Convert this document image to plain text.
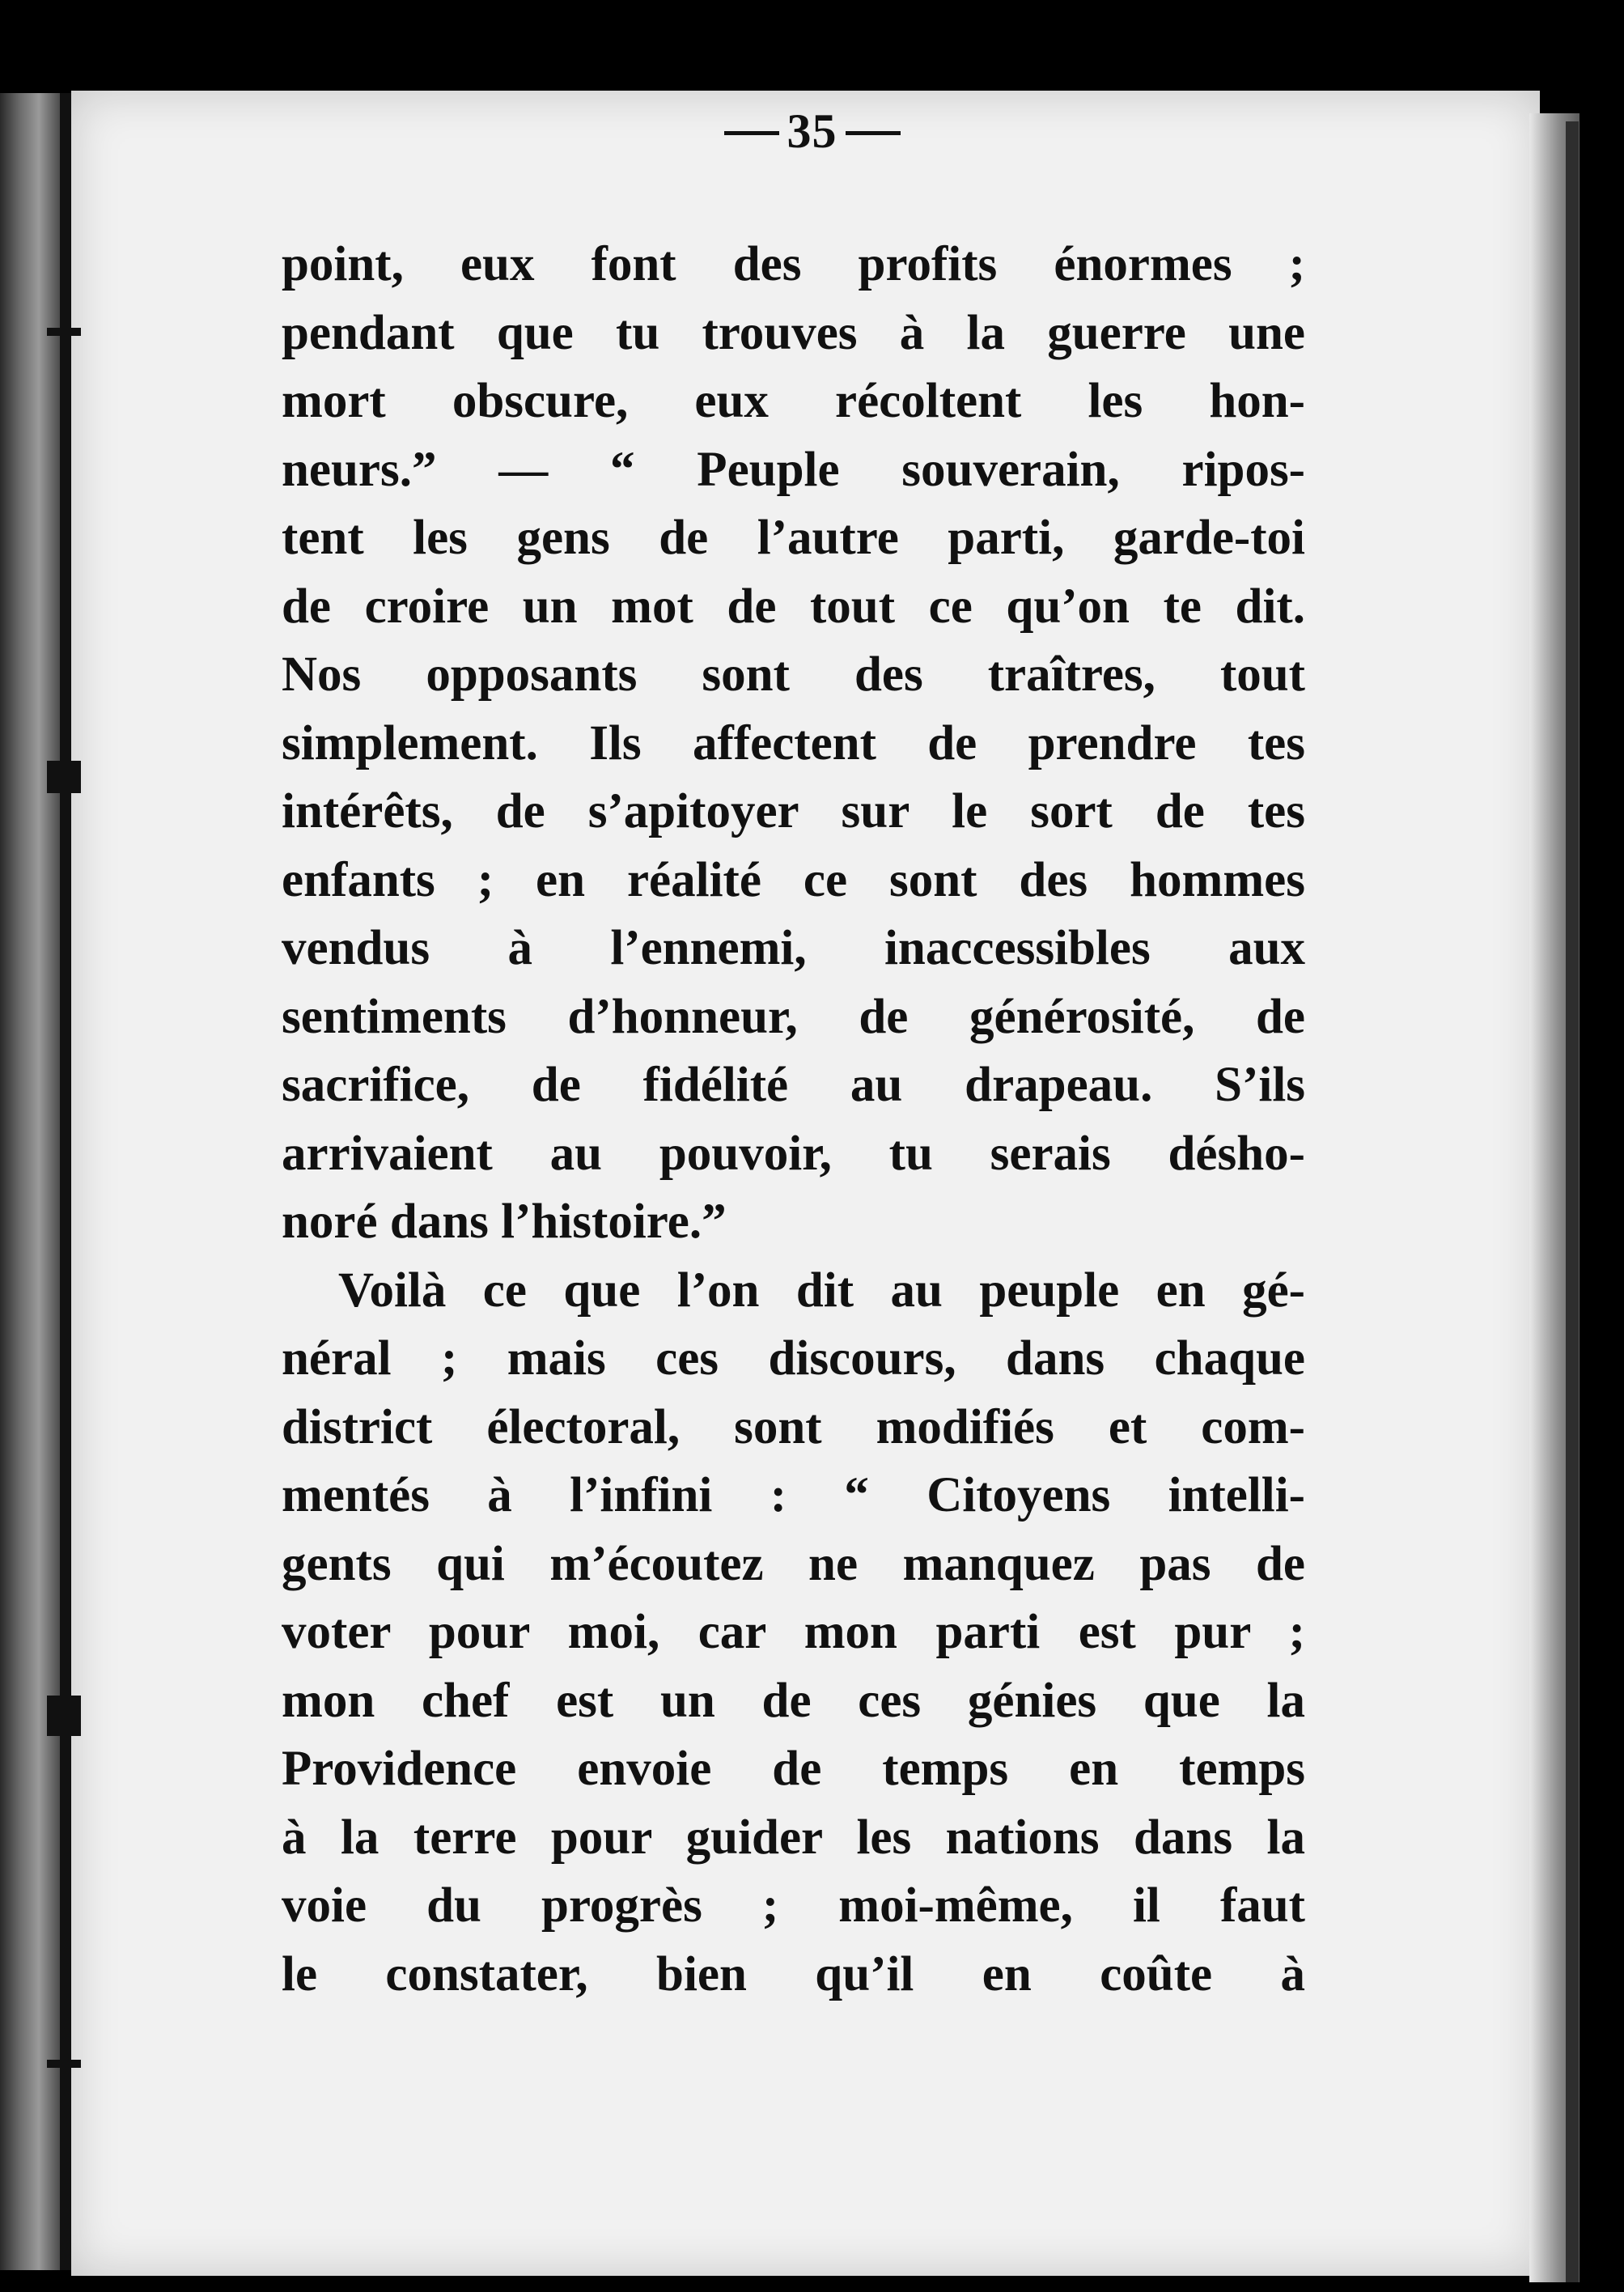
35
point, eux font des profits énormes ;
pendant que tu trouves à la guerre une
mort obscure, eux récoltent les hon-
neurs.” — “ Peuple souverain, ripos-
tent les gens de l’autre parti, garde-toi
de croire un mot de tout ce qu’on te dit.
Nos opposants sont des traîtres, tout
simplement. Ils affectent de prendre tes
intérêts, de s’apitoyer sur le sort de tes
enfants ; en réalité ce sont des hommes
vendus à l’ennemi, inaccessibles aux
sentiments d’honneur, de générosité, de
sacrifice, de fidélité au drapeau. S’ils
arrivaient au pouvoir, tu serais désho-
noré dans l’histoire.”
Voilà ce que l’on dit au peuple en gé-
néral ; mais ces discours, dans chaque
district électoral, sont modifiés et com-
mentés à l’infini : “ Citoyens intelli-
gents qui m’écoutez ne manquez pas de
voter pour moi, car mon parti est pur ;
mon chef est un de ces génies que la
Providence envoie de temps en temps
à la terre pour guider les nations dans la
voie du progrès ; moi-même, il faut
le constater, bien qu’il en coûte à
